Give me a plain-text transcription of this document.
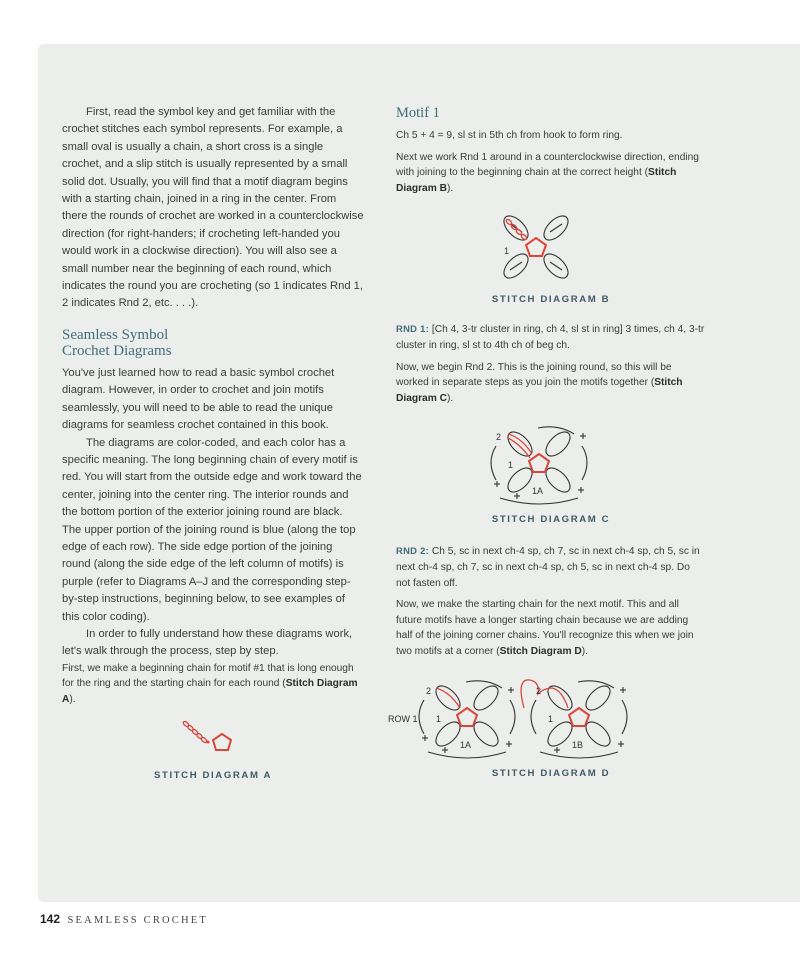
First, read the symbol key and get familiar with the crochet stitches each symbol represents. For example, a small oval is usually a chain, a short cross is a single crochet, and a slip stitch is usually represented by a small solid dot. Usually, you will find that a motif diagram begins with a starting chain, joined in a ring in the center. From there the rounds of crochet are worked in a counterclockwise direction (for right-handers; if crocheting left-handed you would work in a clockwise direction). You will also see a small number near the beginning of each round, which indicates the round you are crocheting (so 1 indicates Rnd 1, 2 indicates Rnd 2, etc. . . .).

Seamless Symbol
Crochet Diagrams

You've just learned how to read a basic symbol crochet diagram. However, in order to crochet and join motifs seamlessly, you will need to be able to read the unique diagrams for seamless crochet contained in this book.

The diagrams are color-coded, and each color has a specific meaning. The long beginning chain of every motif is red. You will start from the outside edge and work toward the center, joining into the center ring. The interior rounds and the bottom portion of the exterior joining round are black. The upper portion of the joining round is blue (along the top edge of each row). The side edge portion of the joining round (along the side edge of the left column of motifs) is purple (refer to Diagrams A–J and the corresponding step-by-step instructions, beginning below, to see examples of this color coding).

In order to fully understand how these diagrams work, let's walk through the process, step by step.

First, we make a beginning chain for motif #1 that is long enough for the ring and the starting chain for each round (Stitch Diagram A).

STITCH DIAGRAM A
Motif 1

Ch 5 + 4 = 9, sl st in 5th ch from hook to form ring.

Next we work Rnd 1 around in a counterclockwise direction, ending with joining to the beginning chain at the correct height (Stitch Diagram B).

1
STITCH DIAGRAM B

RND 1: [Ch 4, 3-tr cluster in ring, ch 4, sl st in ring] 3 times, ch 4, 3-tr cluster in ring, sl st to 4th ch of beg ch.

Now, we begin Rnd 2. This is the joining round, so this will be worked in separate steps as you join the motifs together (Stitch Diagram C).

2
1
1A
STITCH DIAGRAM C

RND 2: Ch 5, sc in next ch-4 sp, ch 7, sc in next ch-4 sp, ch 5, sc in next ch-4 sp, ch 7, sc in next ch-4 sp, ch 5, sc in next ch-4 sp. Do not fasten off.

Now, we make the starting chain for the next motif. This and all future motifs have a longer starting chain because we are adding half of the joining corner chains. You'll recognize this when we join two motifs at a corner (Stitch Diagram D).

ROW 1
2
1
2
1
1A	1B
STITCH DIAGRAM D
142 SEAMLESS CROCHET
